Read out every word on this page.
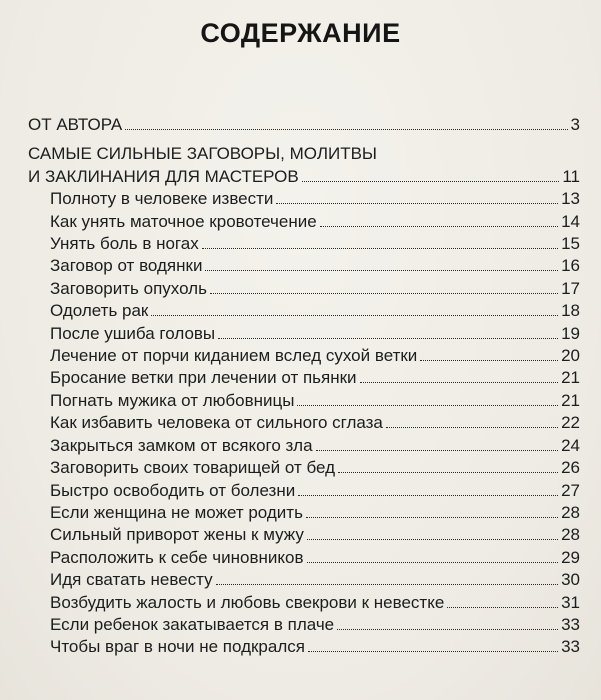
СОДЕРЖАНИЕ
ОТ АВТОРА	3
САМЫЕ СИЛЬНЫЕ ЗАГОВОРЫ, МОЛИТВЫ
И ЗАКЛИНАНИЯ ДЛЯ МАСТЕРОВ	11
Полноту в человеке извести	13
Как унять маточное кровотечение	14
Унять боль в ногах	15
Заговор от водянки	16
Заговорить опухоль	17
Одолеть рак	18
После ушиба головы	19
Лечение от порчи киданием вслед сухой ветки	20
Бросание ветки при лечении от пьянки	21
Погнать мужика от любовницы	21
Как избавить человека от сильного сглаза	22
Закрыться замком от всякого зла	24
Заговорить своих товарищей от бед	26
Быстро освободить от болезни	27
Если женщина не может родить	28
Сильный приворот жены к мужу	28
Расположить к себе чиновников	29
Идя сватать невесту	30
Возбудить жалость и любовь свекрови к невестке	31
Если ребенок закатывается в плаче	33
Чтобы враг в ночи не подкрался	33
